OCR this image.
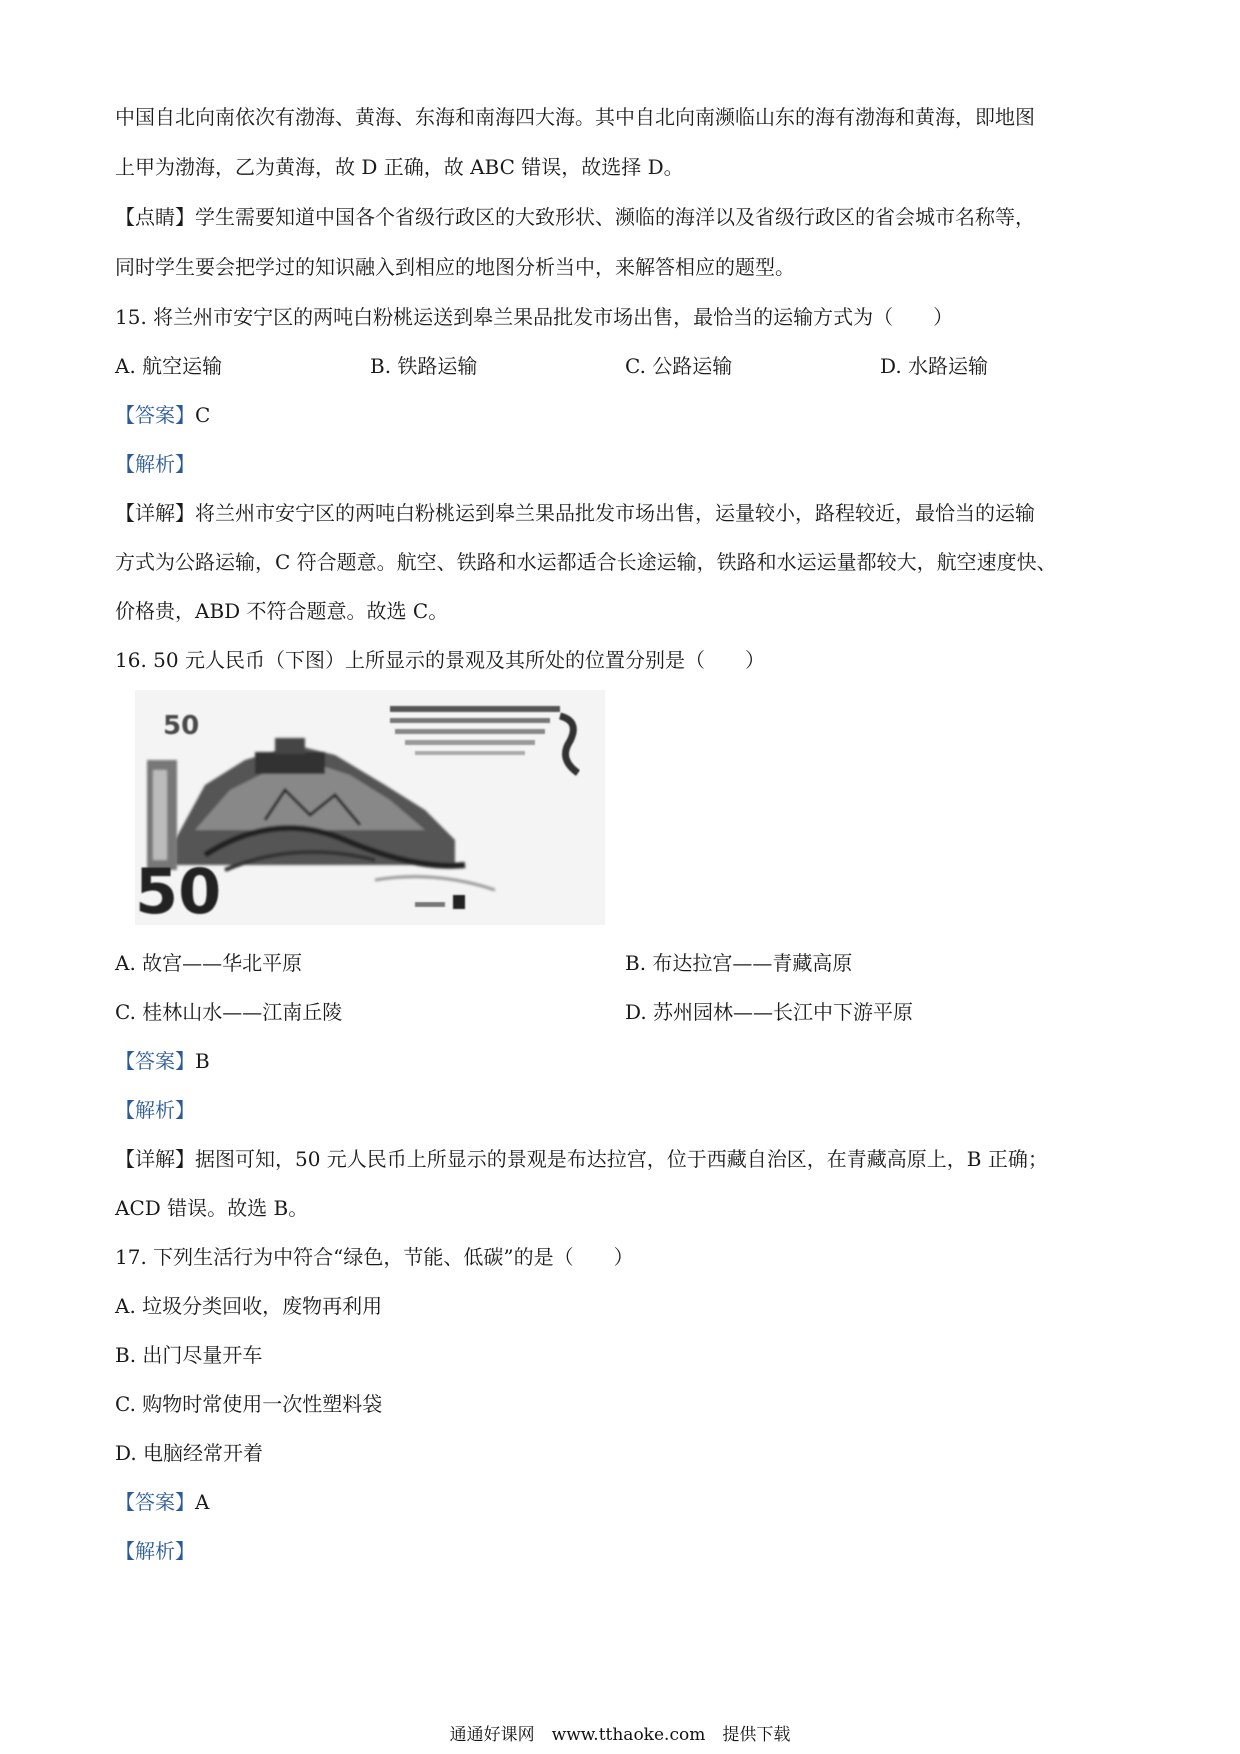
中国自北向南依次有渤海、黄海、东海和南海四大海。其中自北向南濒临山东的海有渤海和黄海，即地图
上甲为渤海，乙为黄海，故 D 正确，故 ABC 错误，故选择 D。
【点睛】学生需要知道中国各个省级行政区的大致形状、濒临的海洋以及省级行政区的省会城市名称等，
同时学生要会把学过的知识融入到相应的地图分析当中，来解答相应的题型。
15. 将兰州市安宁区的两吨白粉桃运送到皋兰果品批发市场出售，最恰当的运输方式为（　　）
A. 航空运输	B. 铁路运输	C. 公路运输	D. 水路运输
【答案】C
【解析】
【详解】将兰州市安宁区的两吨白粉桃运到皋兰果品批发市场出售，运量较小，路程较近，最恰当的运输
方式为公路运输，C 符合题意。航空、铁路和水运都适合长途运输，铁路和水运运量都较大，航空速度快、
价格贵，ABD 不符合题意。故选 C。
16. 50 元人民币（下图）上所显示的景观及其所处的位置分别是（　　）
50
50
A. 故宫——华北平原	B. 布达拉宫——青藏高原
C. 桂林山水——江南丘陵	D. 苏州园林——长江中下游平原
【答案】B
【解析】
【详解】据图可知，50 元人民币上所显示的景观是布达拉宫，位于西藏自治区，在青藏高原上，B 正确；
ACD 错误。故选 B。
17. 下列生活行为中符合“绿色，节能、低碳”的是（　　）
A. 垃圾分类回收，废物再利用
B. 出门尽量开车
C. 购物时常使用一次性塑料袋
D. 电脑经常开着
【答案】A
【解析】
通通好课网　www.tthaoke.com　提供下载
